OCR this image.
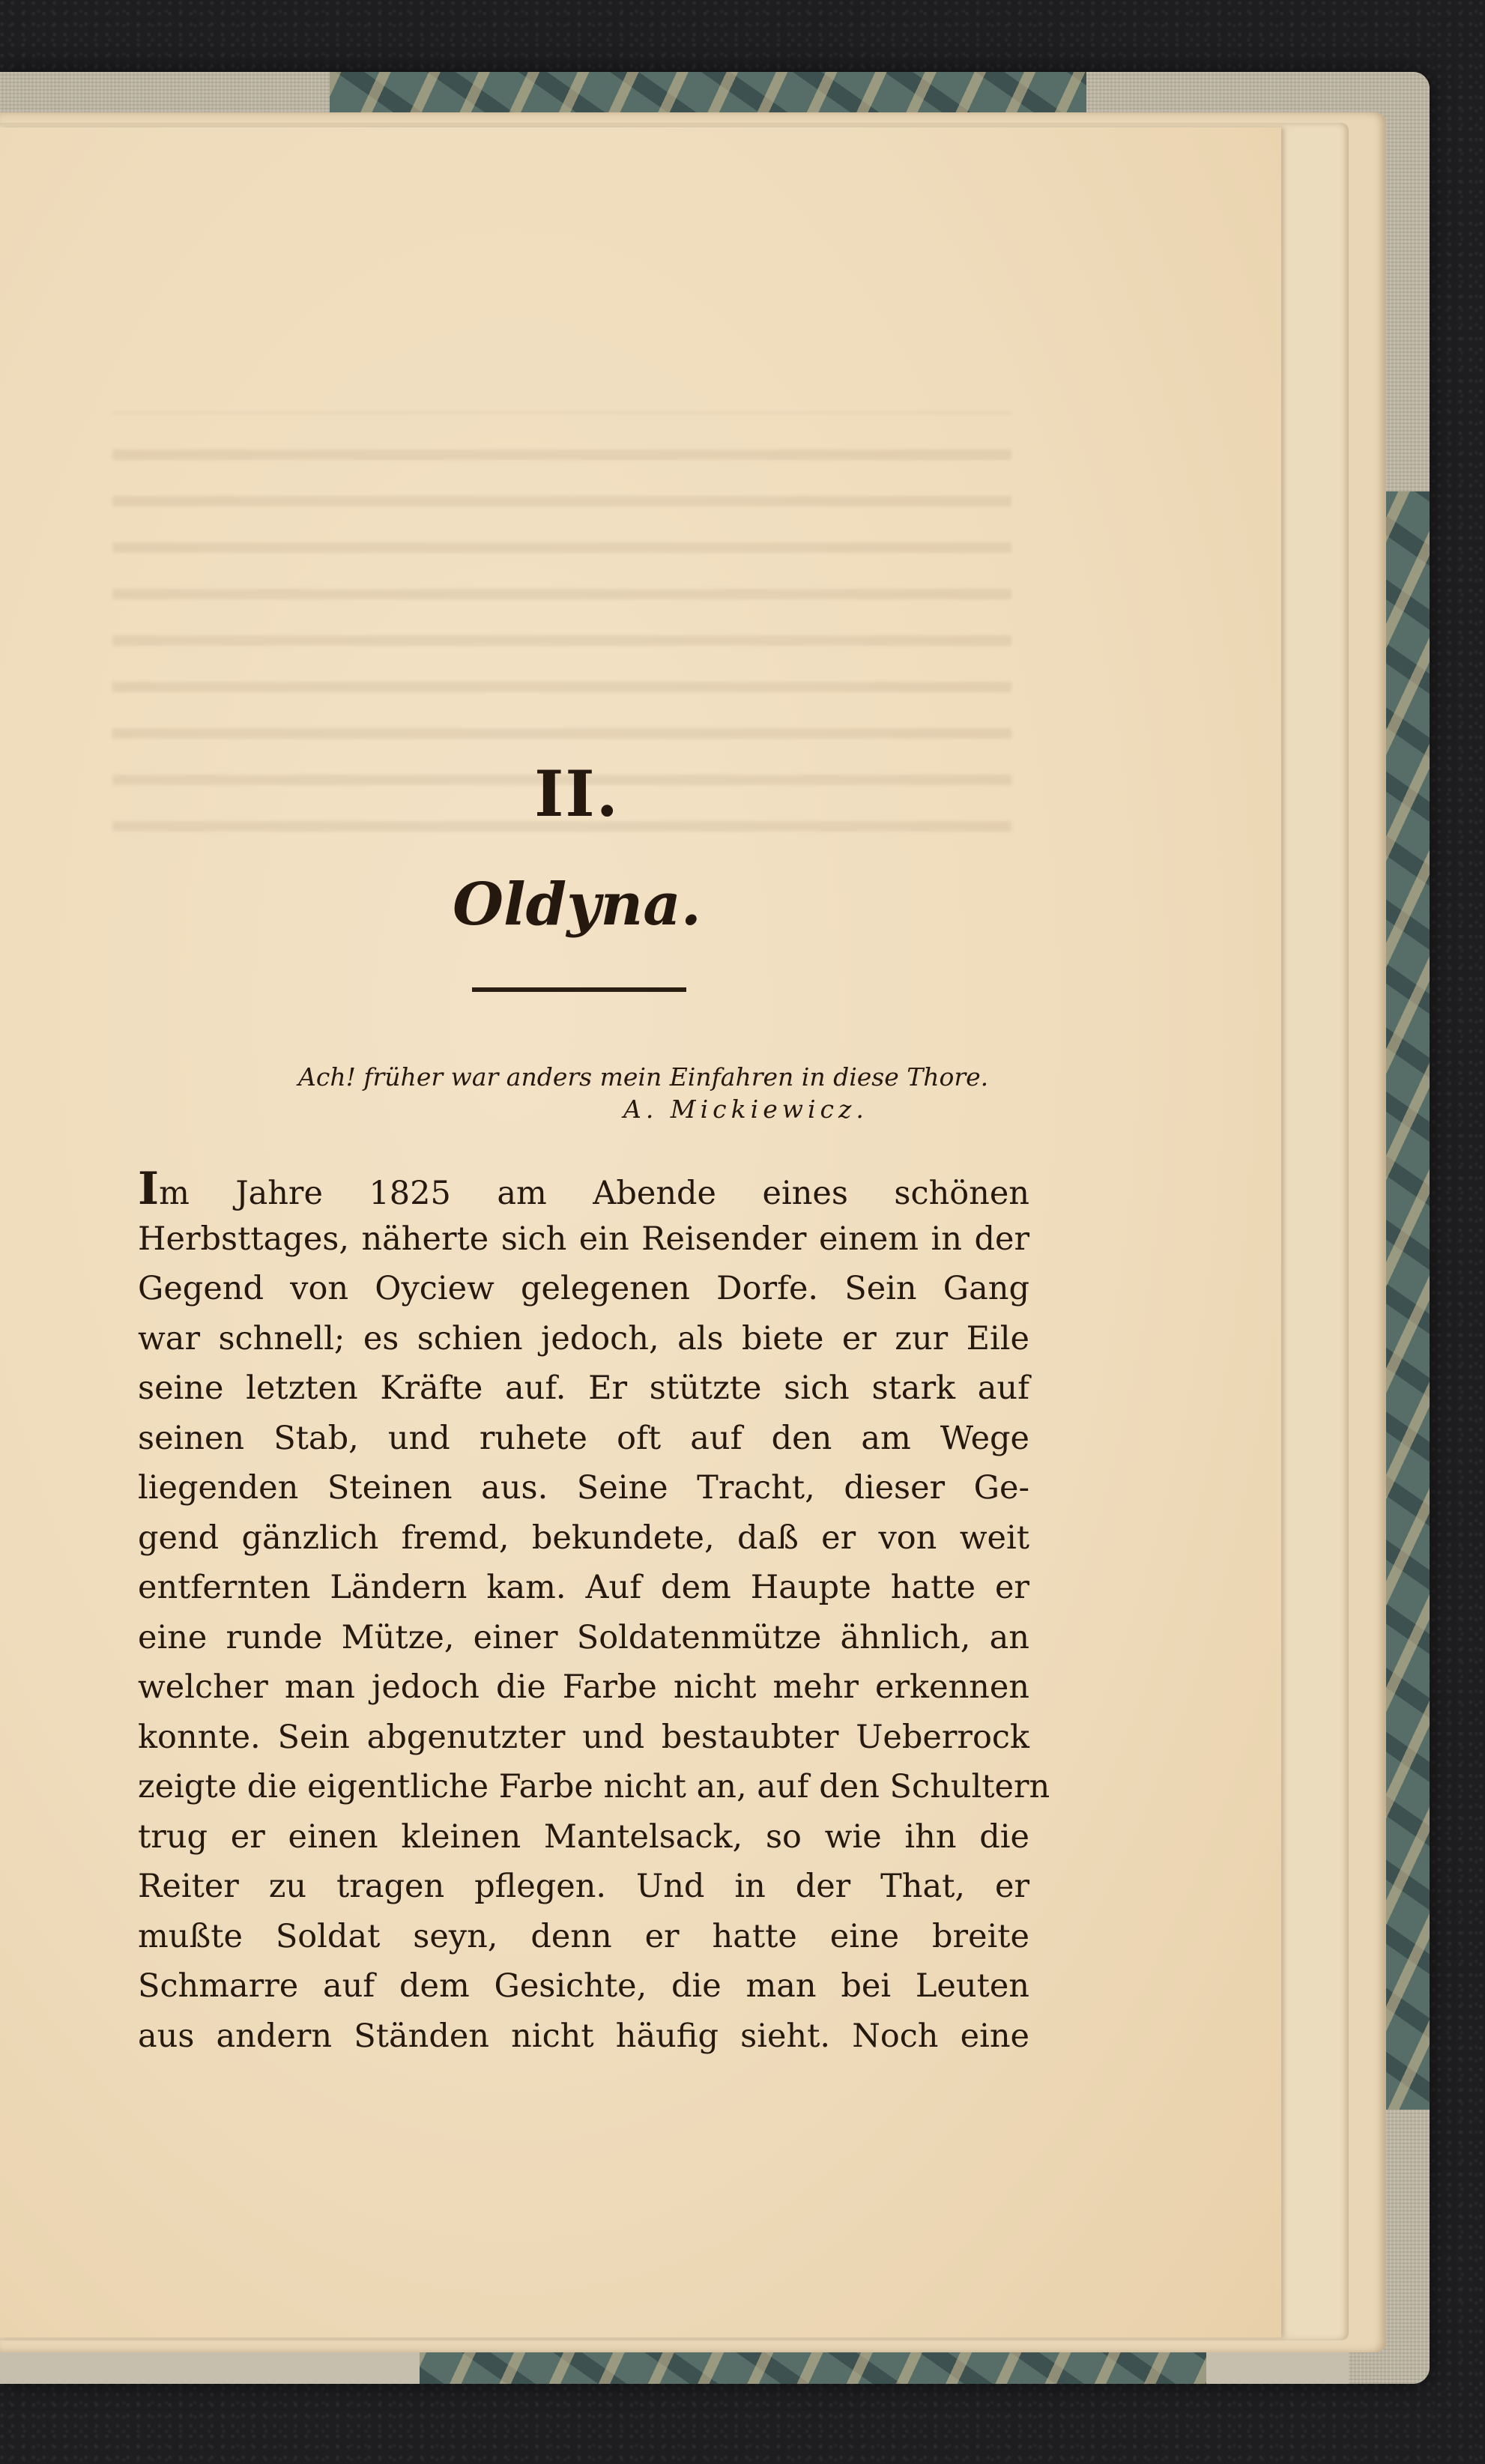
II.
Oldyna.
Ach! früher war anders mein Einfahren in diese Thore.
A. Mickiewicz.
Im Jahre 1825 am Abende eines schönen
Herbsttages, näherte sich ein Reisender einem in der
Gegend von Oyciew gelegenen Dorfe. Sein Gang
war schnell; es schien jedoch, als biete er zur Eile
seine letzten Kräfte auf. Er stützte sich stark auf
seinen Stab, und ruhete oft auf den am Wege
liegenden Steinen aus. Seine Tracht, dieser Ge-
gend gänzlich fremd, bekundete, daß er von weit
entfernten Ländern kam. Auf dem Haupte hatte er
eine runde Mütze, einer Soldatenmütze ähnlich, an
welcher man jedoch die Farbe nicht mehr erkennen
konnte. Sein abgenutzter und bestaubter Ueberrock
zeigte die eigentliche Farbe nicht an, auf den Schultern
trug er einen kleinen Mantelsack, so wie ihn die
Reiter zu tragen pflegen. Und in der That, er
mußte Soldat seyn, denn er hatte eine breite
Schmarre auf dem Gesichte, die man bei Leuten
aus andern Ständen nicht häufig sieht. Noch eine
